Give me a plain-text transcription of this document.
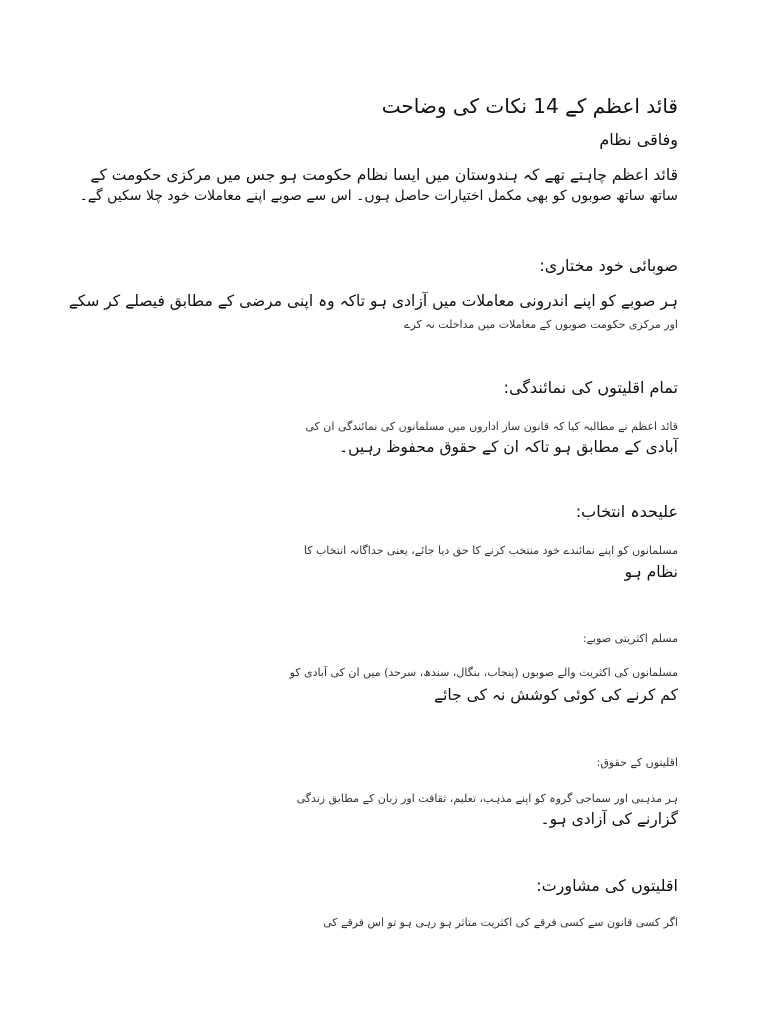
قائد اعظم کے 14 نکات کی وضاحت
وفاقی نظام
قائد اعظم چاہتے تھے کہ ہندوستان میں ایسا نظام حکومت ہو جس میں مرکزی حکومت کے
ساتھ ساتھ صوبوں کو بھی مکمل اختیارات حاصل ہوں۔ اس سے صوبے اپنے معاملات خود چلا سکیں گے۔
صوبائی خود مختاری:
ہر صوبے کو اپنے اندرونی معاملات میں آزادی ہو تاکہ وہ اپنی مرضی کے مطابق فیصلے کر سکے
اور مرکزی حکومت صوبوں کے معاملات میں مداخلت نہ کرے
تمام اقلیتوں کی نمائندگی:
قائد اعظم نے مطالبہ کیا کہ قانون ساز اداروں میں مسلمانوں کی نمائندگی ان کی
آبادی کے مطابق ہو تاکہ ان کے حقوق محفوظ رہیں۔
علیحدہ انتخاب:
مسلمانوں کو اپنے نمائندے خود منتخب کرنے کا حق دیا جائے، یعنی جداگانہ انتخاب کا
نظام ہو
مسلم اکثریتی صوبے:
مسلمانوں کی اکثریت والے صوبوں (پنجاب، بنگال، سندھ، سرحد) میں ان کی آبادی کو
کم کرنے کی کوئی کوشش نہ کی جائے
اقلیتوں کے حقوق:
ہر مذہبی اور سماجی گروہ کو اپنے مذہب، تعلیم، ثقافت اور زبان کے مطابق زندگی
گزارنے کی آزادی ہو۔
اقلیتوں کی مشاورت:
اگر کسی قانون سے کسی فرقے کی اکثریت متاثر ہو رہی ہو تو اس فرقے کی
